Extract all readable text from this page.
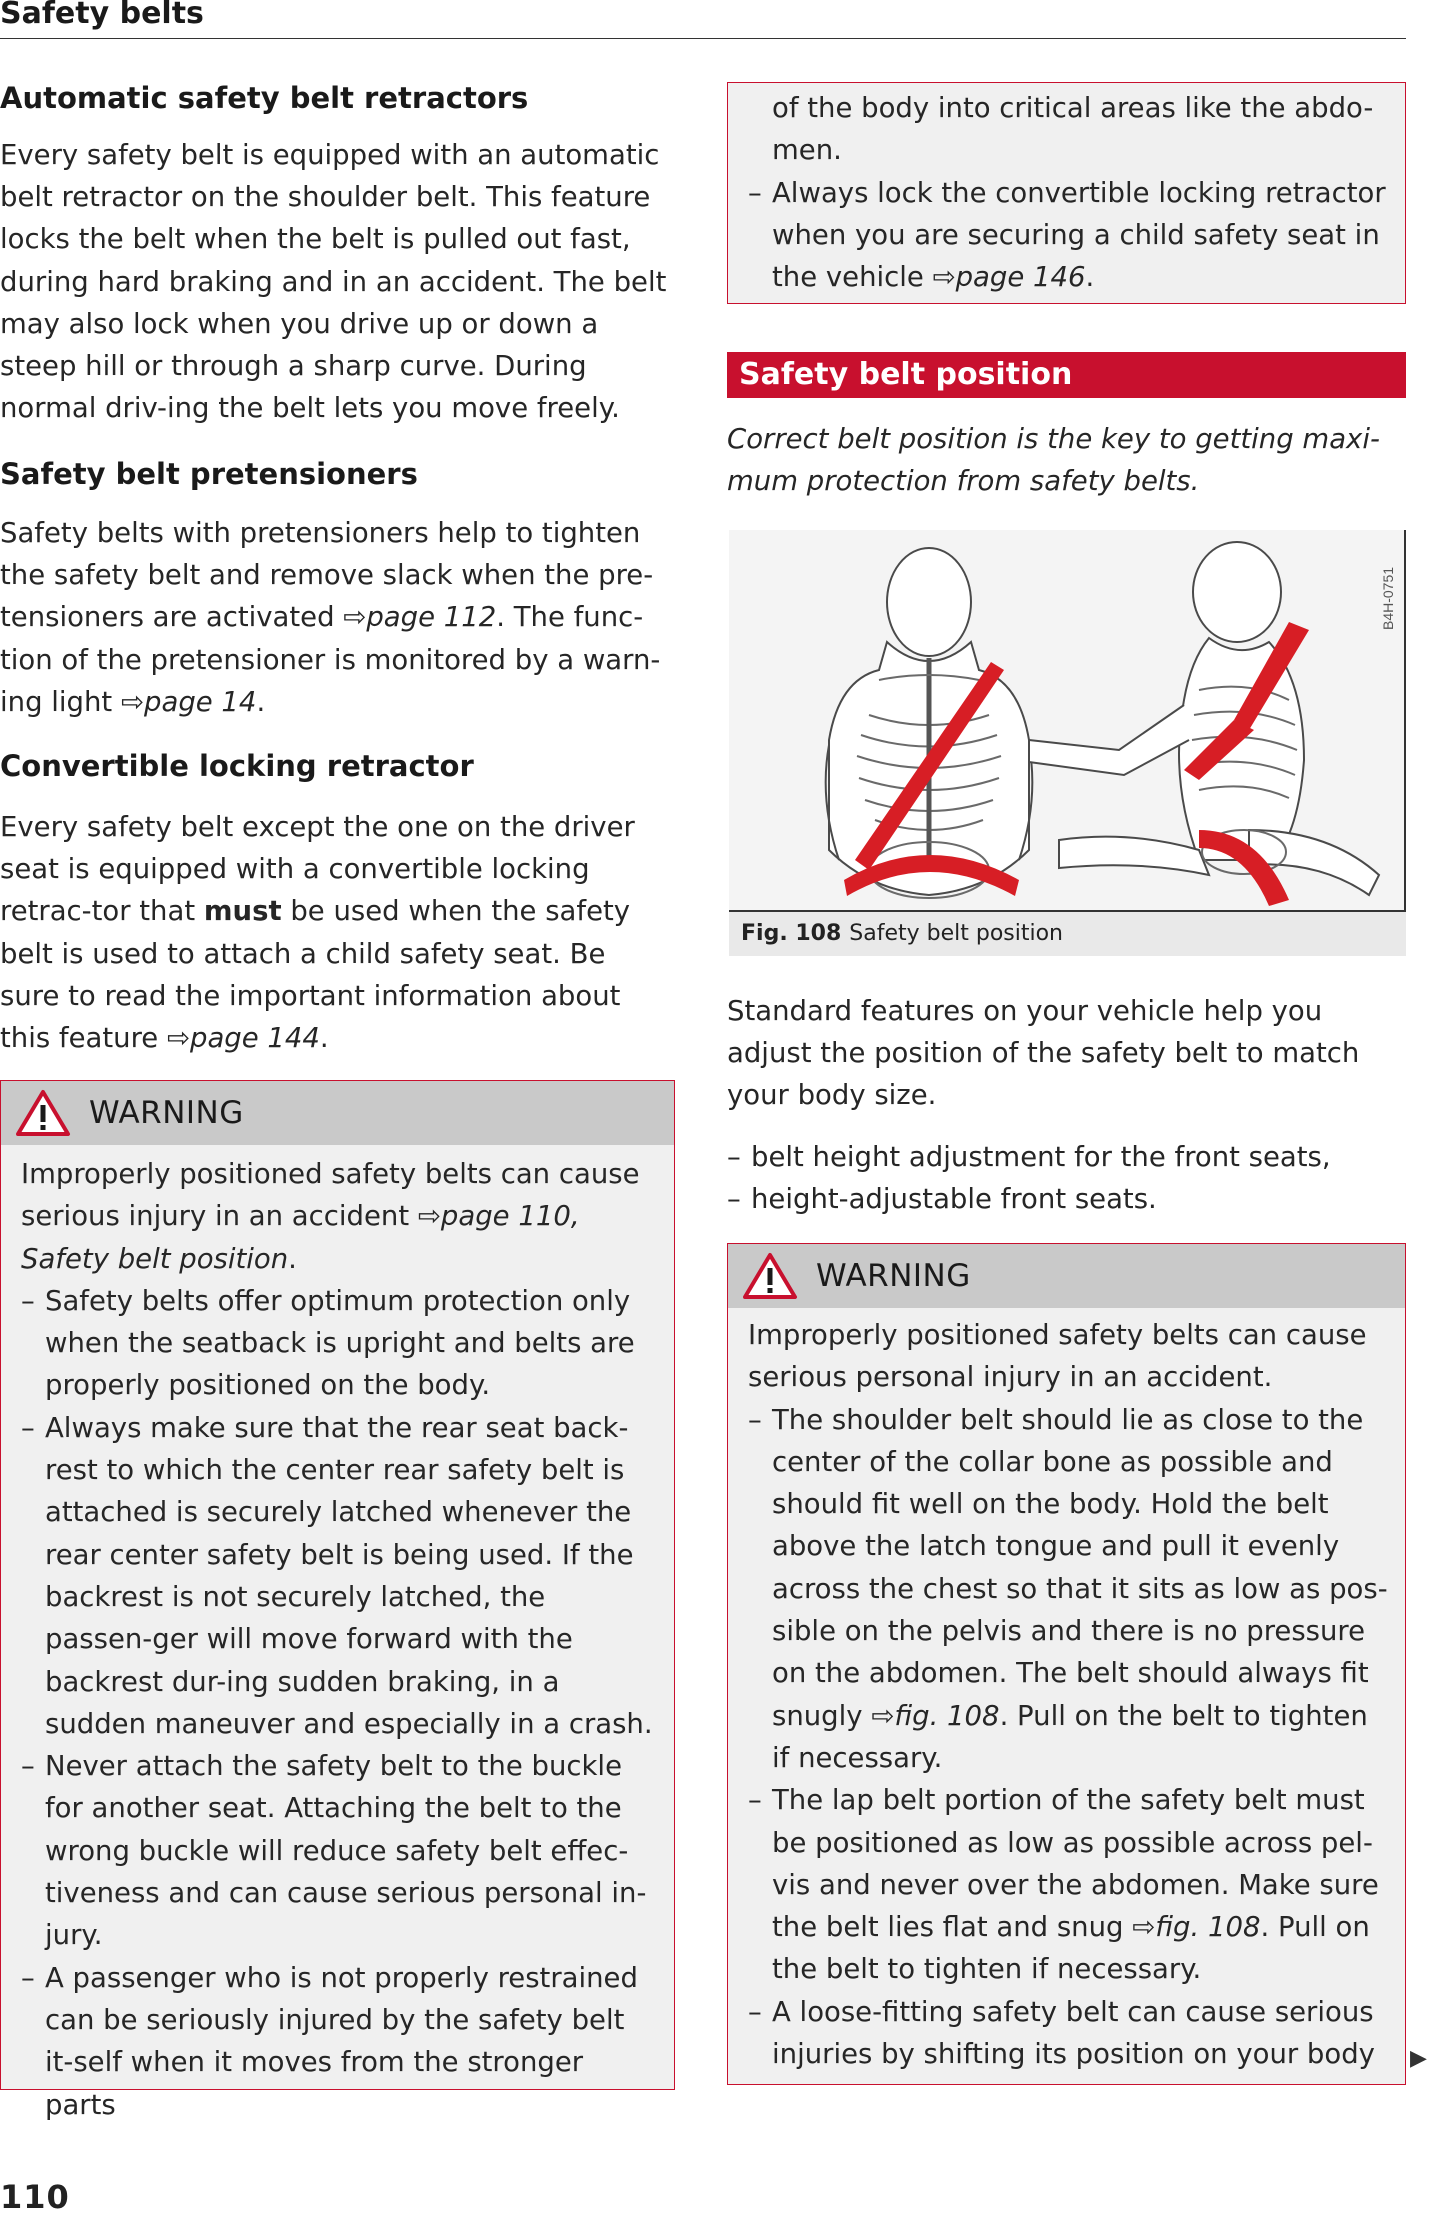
Safety belts
Automatic safety belt retractors

Every safety belt is equipped with an automatic belt retractor on the shoulder belt. This feature locks the belt when the belt is pulled out fast, during hard braking and in an accident. The belt may also lock when you drive up or down a steep hill or through a sharp curve. During normal driv-ing the belt lets you move freely.

Safety belt pretensioners

Safety belts with pretensioners help to tighten the safety belt and remove slack when the pre-tensioners are activated ⇨page 112. The func-tion of the pretensioner is monitored by a warn-ing light ⇨page 14.

Convertible locking retractor

Every safety belt except the one on the driver seat is equipped with a convertible locking retrac-tor that must be used when the safety belt is used to attach a child safety seat. Be sure to read the important information about this feature ⇨page 144.

WARNING

Improperly positioned safety belts can cause serious injury in an accident ⇨page 110, Safety belt position.

– Safety belts offer optimum protection only when the seatback is upright and belts are properly positioned on the body.

– Always make sure that the rear seat back-rest to which the center rear safety belt is attached is securely latched whenever the rear center safety belt is being used. If the backrest is not securely latched, the passen-ger will move forward with the backrest dur-ing sudden braking, in a sudden maneuver and especially in a crash.

– Never attach the safety belt to the buckle for another seat. Attaching the belt to the wrong buckle will reduce safety belt effec-tiveness and can cause serious personal in-jury.

– A passenger who is not properly restrained can be seriously injured by the safety belt it-self when it moves from the stronger parts

of the body into critical areas like the abdo-men.

– Always lock the convertible locking retractor when you are securing a child safety seat in the vehicle ⇨page 146.

Safety belt position

Correct belt position is the key to getting maxi-mum protection from safety belts.

B4H-0751
Fig. 108 Safety belt position

Standard features on your vehicle help you adjust the position of the safety belt to match your body size.

– belt height adjustment for the front seats,

– height-adjustable front seats.

WARNING

Improperly positioned safety belts can cause serious personal injury in an accident.

– The shoulder belt should lie as close to the center of the collar bone as possible and should fit well on the body. Hold the belt above the latch tongue and pull it evenly across the chest so that it sits as low as pos-sible on the pelvis and there is no pressure on the abdomen. The belt should always fit snugly ⇨fig. 108. Pull on the belt to tighten if necessary.

– The lap belt portion of the safety belt must be positioned as low as possible across pel-vis and never over the abdomen. Make sure the belt lies flat and snug ⇨fig. 108. Pull on the belt to tighten if necessary.

– A loose-fitting safety belt can cause serious injuries by shifting its position on your body	▶
110
